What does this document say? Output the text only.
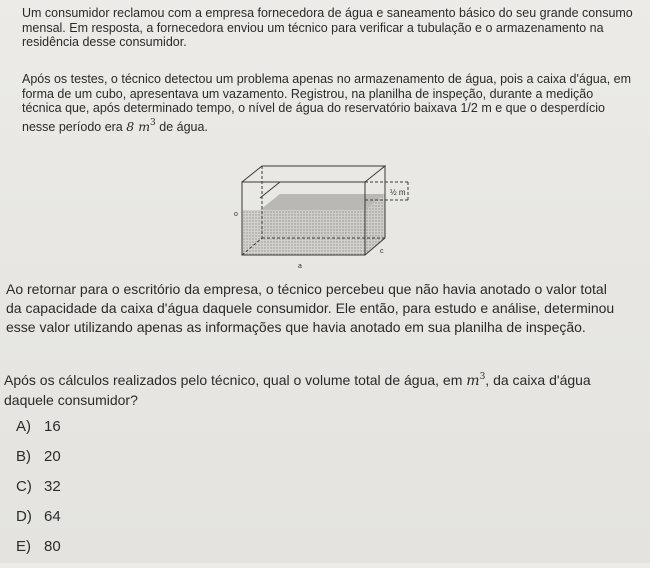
Um consumidor reclamou com a empresa fornecedora de água e saneamento básico do seu grande consumo mensal. Em resposta, a fornecedora enviou um técnico para verificar a tubulação e o armazenamento na residência desse consumidor.

Após os testes, o técnico detectou um problema apenas no armazenamento de água, pois a caixa d'água, em forma de um cubo, apresentava um vazamento. Registrou, na planilha de inspeção, durante a medição técnica que, após determinado tempo, o nível de água do reservatório baixava 1/2 m e que o desperdício nesse período era 8 $m^3$ de água.

½ m
o
c
a

Ao retornar para o escritório da empresa, o técnico percebeu que não havia anotado o valor total da capacidade da caixa d'água daquele consumidor. Ele então, para estudo e análise, determinou esse valor utilizando apenas as informações que havia anotado em sua planilha de inspeção.

Após os cálculos realizados pelo técnico, qual o volume total de água, em $m^3$, da caixa d'água daquele consumidor?

A) 16
B) 20
C) 32
D) 64
E) 80
